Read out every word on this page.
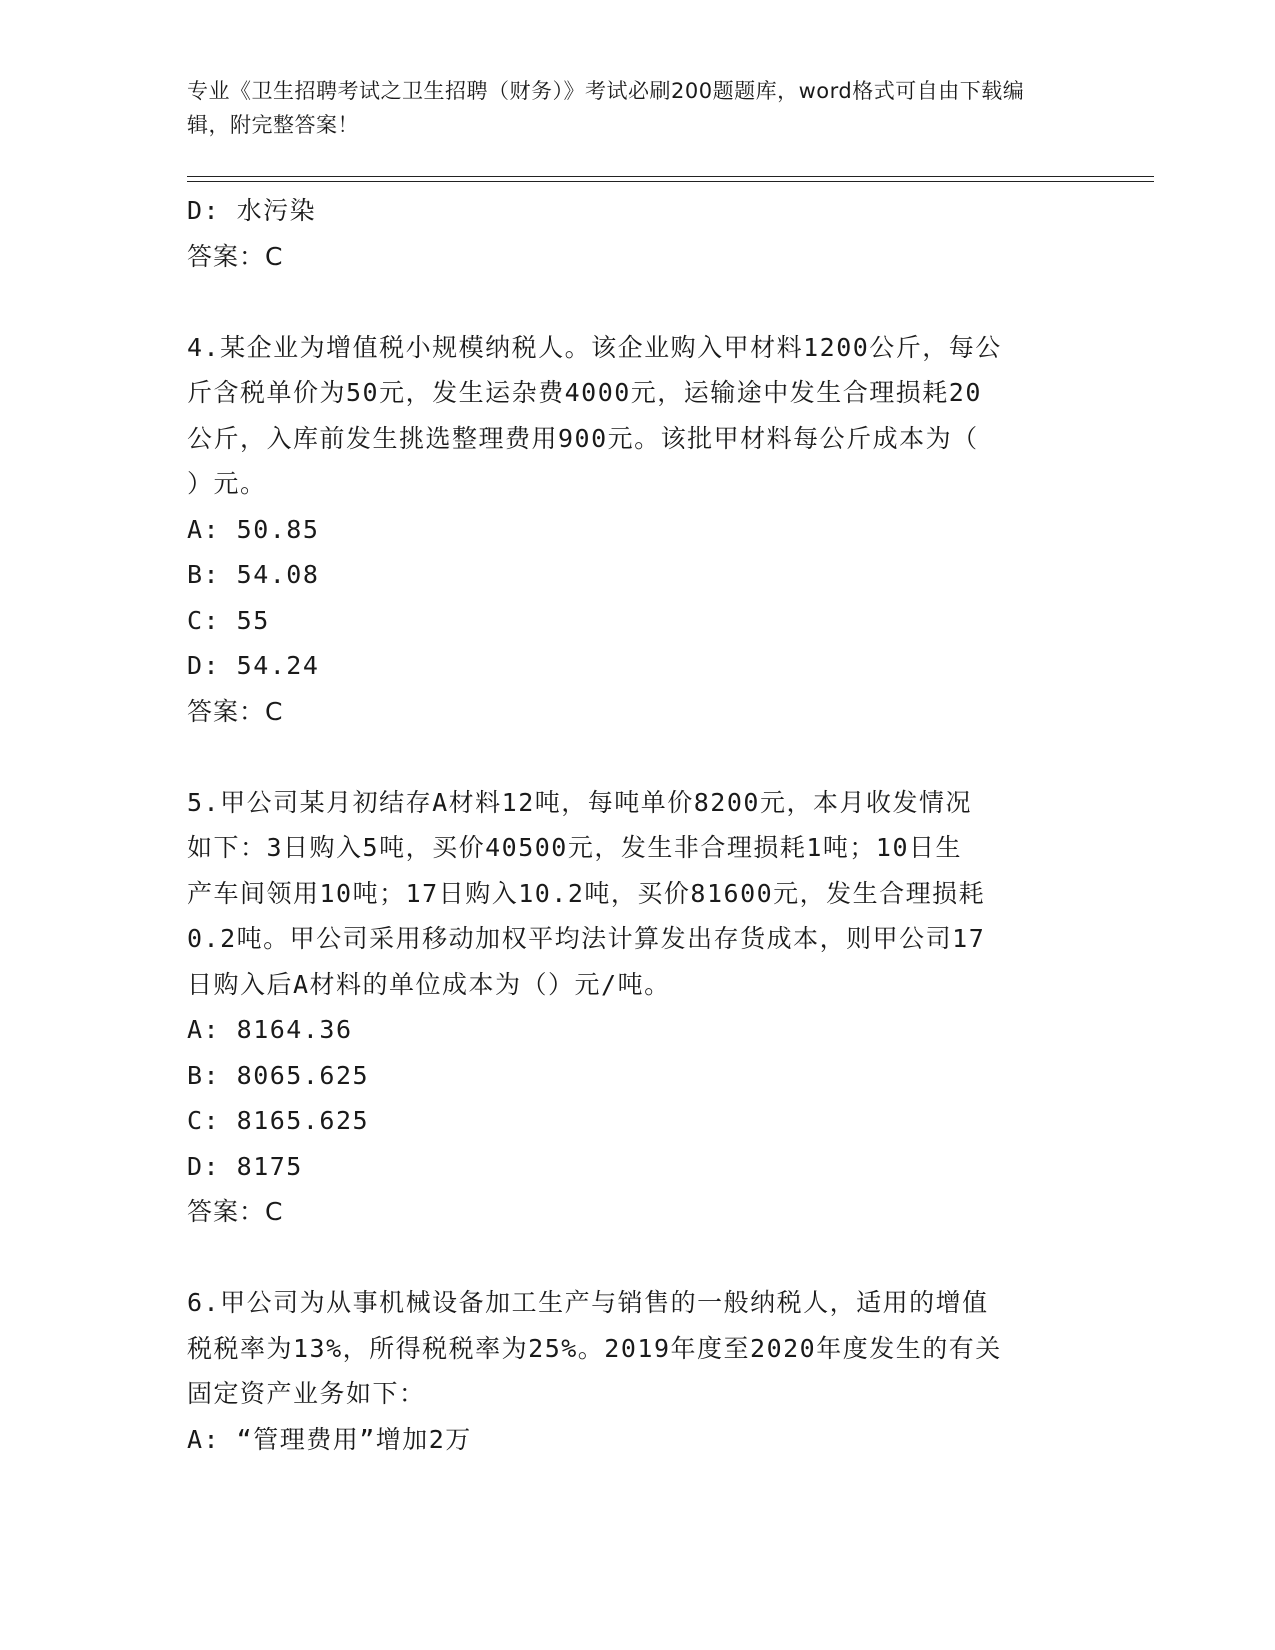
专业《卫生招聘考试之卫生招聘（财务）》考试必刷200题题库，word格式可自由下载编辑，附完整答案！

D: 水污染
答案：C
4.某企业为增值税小规模纳税人。该企业购入甲材料1200公斤，每公
斤含税单价为50元，发生运杂费4000元，运输途中发生合理损耗20
公斤，入库前发生挑选整理费用900元。该批甲材料每公斤成本为（
）元。
A: 50.85
B: 54.08
C: 55
D: 54.24
答案：C
5.甲公司某月初结存A材料12吨，每吨单价8200元，本月收发情况
如下：3日购入5吨，买价40500元，发生非合理损耗1吨；10日生
产车间领用10吨；17日购入10.2吨，买价81600元，发生合理损耗
0.2吨。甲公司采用移动加权平均法计算发出存货成本，则甲公司17
日购入后A材料的单位成本为（）元/吨。
A: 8164.36
B: 8065.625
C: 8165.625
D: 8175
答案：C
6.甲公司为从事机械设备加工生产与销售的一般纳税人，适用的增值
税税率为13%，所得税税率为25%。2019年度至2020年度发生的有关
固定资产业务如下：
A: “管理费用”增加2万
